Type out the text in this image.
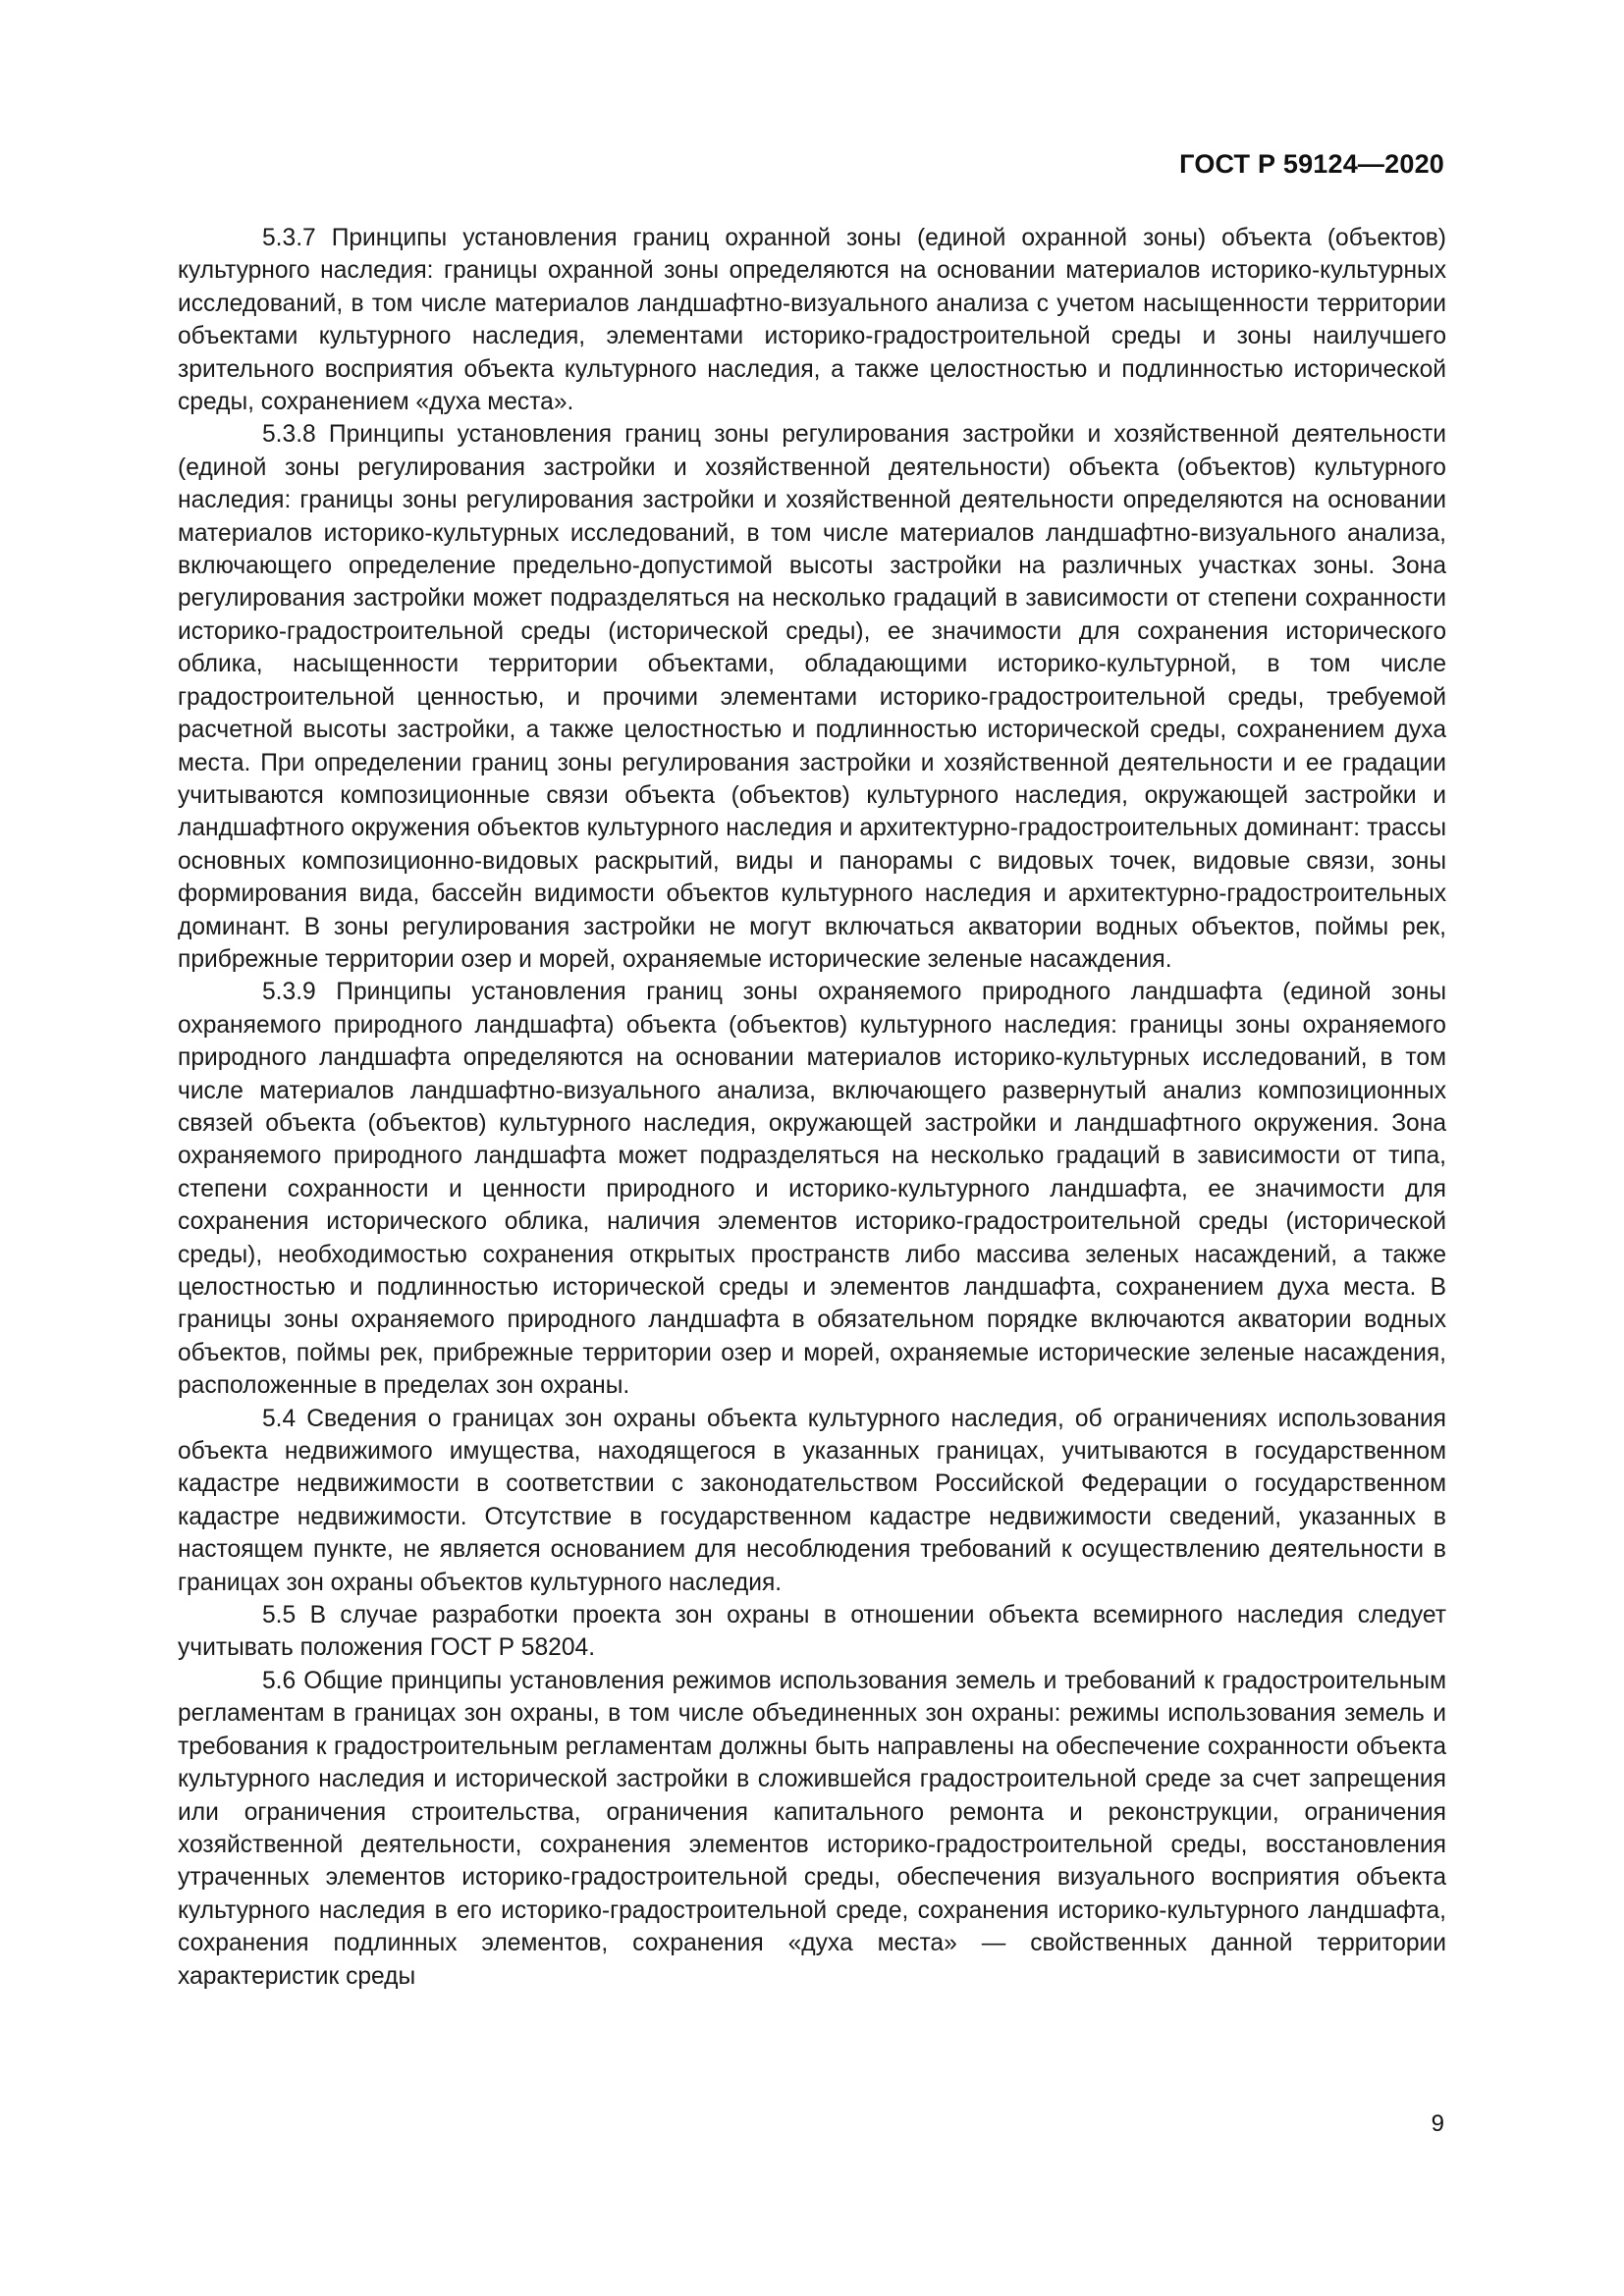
ГОСТ Р 59124—2020

5.3.7 Принципы установления границ охранной зоны (единой охранной зоны) объекта (объектов) культурного наследия: границы охранной зоны определяются на основании материалов историко-культурных исследований, в том числе материалов ландшафтно-визуального анализа с учетом насыщенности территории объектами культурного наследия, элементами историко-градостроительной среды и зоны наилучшего зрительного восприятия объекта культурного наследия, а также целостностью и подлинностью исторической среды, сохранением «духа места».

5.3.8 Принципы установления границ зоны регулирования застройки и хозяйственной деятельности (единой зоны регулирования застройки и хозяйственной деятельности) объекта (объектов) культурного наследия: границы зоны регулирования застройки и хозяйственной деятельности определяются на основании материалов историко-культурных исследований, в том числе материалов ландшафтно-визуального анализа, включающего определение предельно-допустимой высоты застройки на различных участках зоны. Зона регулирования застройки может подразделяться на несколько градаций в зависимости от степени сохранности историко-градостроительной среды (исторической среды), ее значимости для сохранения исторического облика, насыщенности территории объектами, обладающими историко-культурной, в том числе градостроительной ценностью, и прочими элементами историко-градостроительной среды, требуемой расчетной высоты застройки, а также целостностью и подлинностью исторической среды, сохранением духа места. При определении границ зоны регулирования застройки и хозяйственной деятельности и ее градации учитываются композиционные связи объекта (объектов) культурного наследия, окружающей застройки и ландшафтного окружения объектов культурного наследия и архитектурно-градостроительных доминант: трассы основных композиционно-видовых раскрытий, виды и панорамы с видовых точек, видовые связи, зоны формирования вида, бассейн видимости объектов культурного наследия и архитектурно-градостроительных доминант. В зоны регулирования застройки не могут включаться акватории водных объектов, поймы рек, прибрежные территории озер и морей, охраняемые исторические зеленые насаждения.

5.3.9 Принципы установления границ зоны охраняемого природного ландшафта (единой зоны охраняемого природного ландшафта) объекта (объектов) культурного наследия: границы зоны охраняемого природного ландшафта определяются на основании материалов историко-культурных исследований, в том числе материалов ландшафтно-визуального анализа, включающего развернутый анализ композиционных связей объекта (объектов) культурного наследия, окружающей застройки и ландшафтного окружения. Зона охраняемого природного ландшафта может подразделяться на несколько градаций в зависимости от типа, степени сохранности и ценности природного и историко-культурного ландшафта, ее значимости для сохранения исторического облика, наличия элементов историко-градостроительной среды (исторической среды), необходимостью сохранения открытых пространств либо массива зеленых насаждений, а также целостностью и подлинностью исторической среды и элементов ландшафта, сохранением духа места. В границы зоны охраняемого природного ландшафта в обязательном порядке включаются акватории водных объектов, поймы рек, прибрежные территории озер и морей, охраняемые исторические зеленые насаждения, расположенные в пределах зон охраны.

5.4 Сведения о границах зон охраны объекта культурного наследия, об ограничениях использования объекта недвижимого имущества, находящегося в указанных границах, учитываются в государственном кадастре недвижимости в соответствии с законодательством Российской Федерации о государственном кадастре недвижимости. Отсутствие в государственном кадастре недвижимости сведений, указанных в настоящем пункте, не является основанием для несоблюдения требований к осуществлению деятельности в границах зон охраны объектов культурного наследия.

5.5 В случае разработки проекта зон охраны в отношении объекта всемирного наследия следует учитывать положения ГОСТ Р 58204.

5.6 Общие принципы установления режимов использования земель и требований к градостроительным регламентам в границах зон охраны, в том числе объединенных зон охраны: режимы использования земель и требования к градостроительным регламентам должны быть направлены на обеспечение сохранности объекта культурного наследия и исторической застройки в сложившейся градостроительной среде за счет запрещения или ограничения строительства, ограничения капитального ремонта и реконструкции, ограничения хозяйственной деятельности, сохранения элементов историко-градостроительной среды, восстановления утраченных элементов историко-градостроительной среды, обеспечения визуального восприятия объекта культурного наследия в его историко-градостроительной среде, сохранения историко-культурного ландшафта, сохранения подлинных элементов, сохранения «духа места» — свойственных данной территории характеристик среды

9
